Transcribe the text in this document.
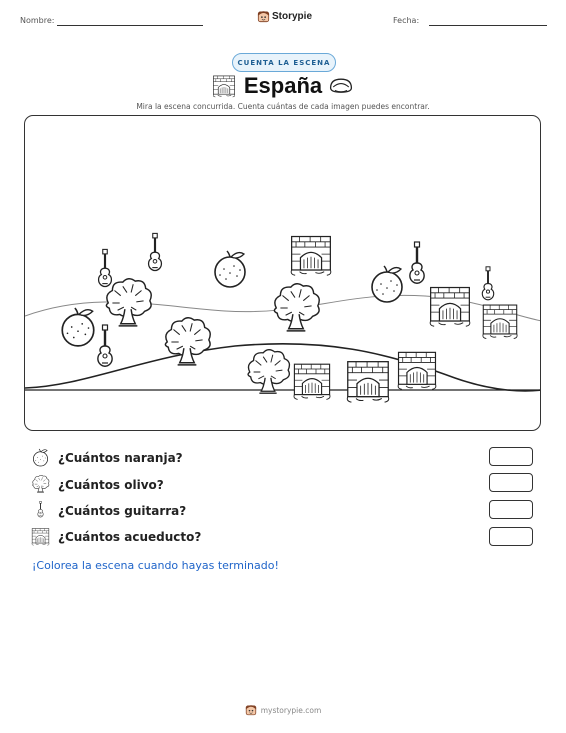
Nombre:	Storypie	Fecha:
CUENTA LA ESCENA
España
Mira la escena concurrida. Cuenta cuántas de cada imagen puedes encontrar.
¿Cuántos naranja?
¿Cuántos olivo?
¿Cuántos guitarra?
¿Cuántos acueducto?
¡Colorea la escena cuando hayas terminado!
mystorypie.com
